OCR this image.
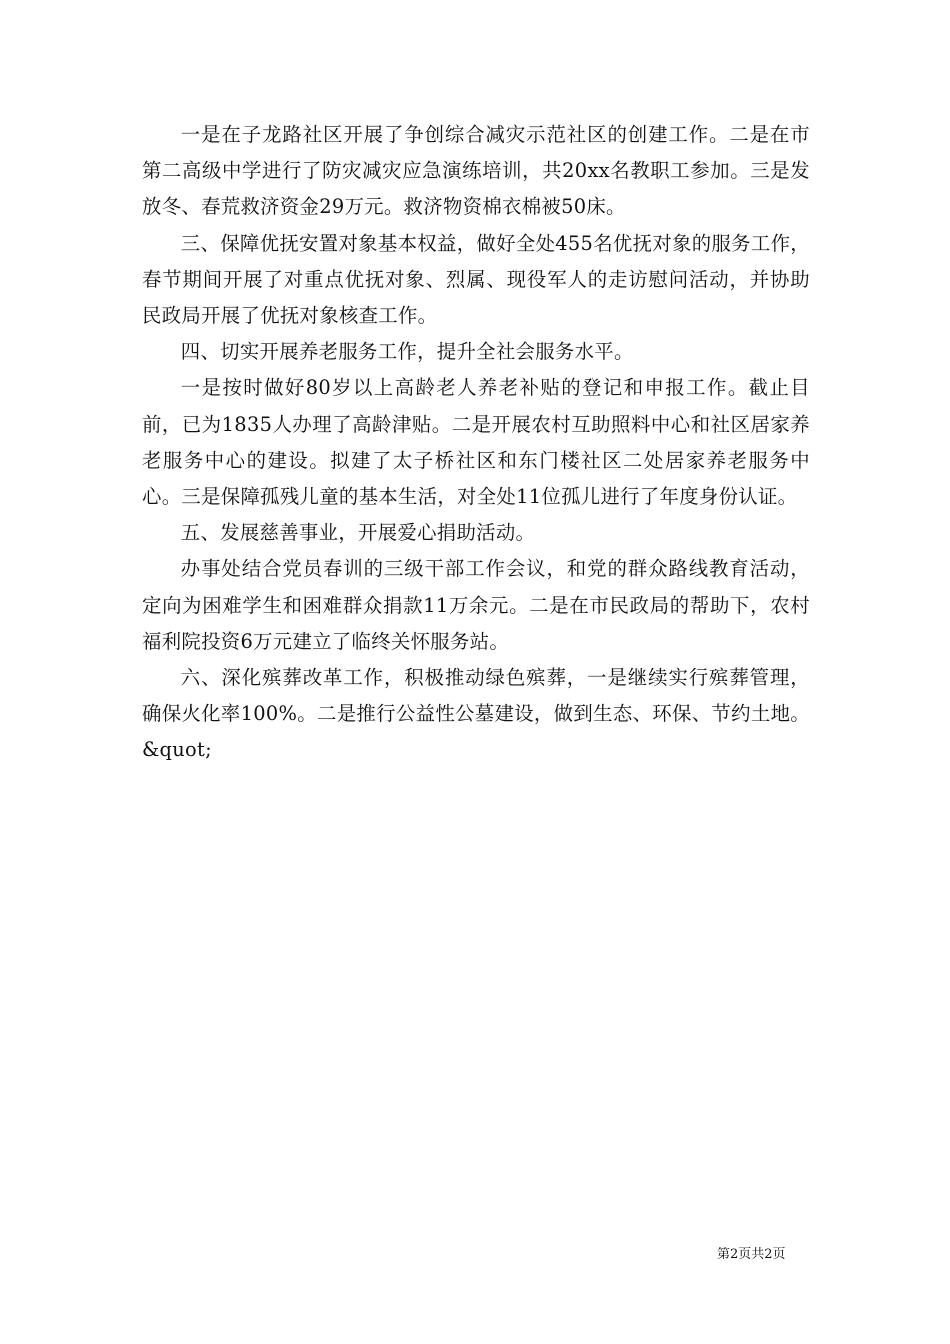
一是在子龙路社区开展了争创综合减灾示范社区的创建工作。二是在市第二高级中学进行了防灾减灾应急演练培训，共20xx名教职工参加。三是发放冬、春荒救济资金29万元。救济物资棉衣棉被50床。

三、保障优抚安置对象基本权益，做好全处455名优抚对象的服务工作，春节期间开展了对重点优抚对象、烈属、现役军人的走访慰问活动，并协助民政局开展了优抚对象核查工作。

四、切实开展养老服务工作，提升全社会服务水平。

一是按时做好80岁以上高龄老人养老补贴的登记和申报工作。截止目前，已为1835人办理了高龄津贴。二是开展农村互助照料中心和社区居家养老服务中心的建设。拟建了太子桥社区和东门楼社区二处居家养老服务中心。三是保障孤残儿童的基本生活，对全处11位孤儿进行了年度身份认证。

五、发展慈善事业，开展爱心捐助活动。

办事处结合党员春训的三级干部工作会议，和党的群众路线教育活动，定向为困难学生和困难群众捐款11万余元。二是在市民政局的帮助下，农村福利院投资6万元建立了临终关怀服务站。

六、深化殡葬改革工作，积极推动绿色殡葬，一是继续实行殡葬管理，确保火化率100%。二是推行公益性公墓建设，做到生态、环保、节约土地。&quot;

第2页共2页
